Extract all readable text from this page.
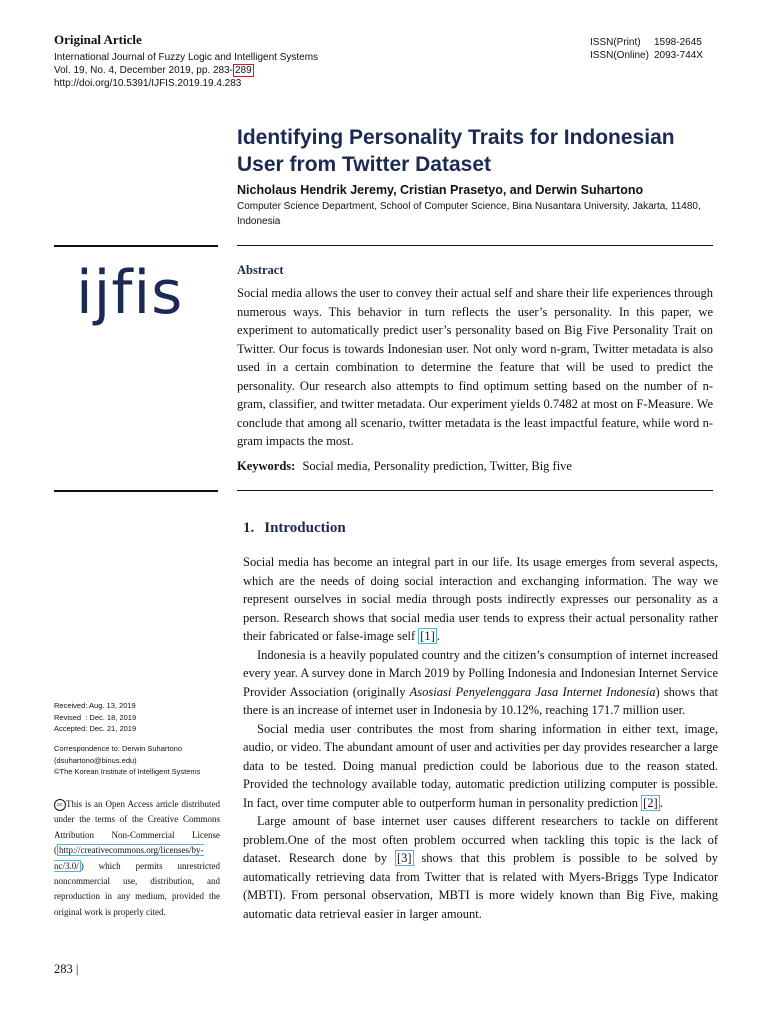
Original Article
International Journal of Fuzzy Logic and Intelligent Systems
Vol. 19, No. 4, December 2019, pp. 283- 289
http://doi.org/10.5391/IJFIS.2019.19.4.283
ISSN(Print) 1598-2645
ISSN(Online) 2093-744X
Identifying Personality Traits for Indonesian User from Twitter Dataset
Nicholaus Hendrik Jeremy, Cristian Prasetyo, and Derwin Suhartono
Computer Science Department, School of Computer Science, Bina Nusantara University, Jakarta, 11480, Indonesia
ijfis	Abstract
Social media allows the user to convey their actual self and share their life experiences through numerous ways. This behavior in turn reflects the user’s personality. In this paper, we experiment to automatically predict user’s personality based on Big Five Personality Trait on Twitter. Our focus is towards Indonesian user. Not only word n-gram, Twitter metadata is also used in a certain combination to determine the feature that will be used to predict the personality. Our research also attempts to find optimum setting based on the number of n-gram, classifier, and twitter metadata. Our experiment yields 0.7482 at most on F-Measure. We conclude that among all scenario, twitter metadata is the least impactful feature, while word n-gram impacts the most.
Keywords: Social media, Personality prediction, Twitter, Big five
1. Introduction

Social media has become an integral part in our life. Its usage emerges from several aspects, which are the needs of doing social interaction and exchanging information. The way we represent ourselves in social media through posts indirectly expresses our personality as a person. Research shows that social media user tends to express their actual personality rather their fabricated or false-image self [1] .

Indonesia is a heavily populated country and the citizen’s consumption of internet increased every year. A survey done in March 2019 by Polling Indonesia and Indonesian Internet Service Provider Association (originally Asosiasi Penyelenggara Jasa Internet Indonesia) shows that there is an increase of internet user in Indonesia by 10.12%, reaching 171.7 million user.

Social media user contributes the most from sharing information in either text, image, audio, or video. The abundant amount of user and activities per day provides researcher a large data to be tested. Doing manual prediction could be laborious due to the reason stated. Provided the technology available today, automatic prediction utilizing computer is possible. In fact, over time computer able to outperform human in personality prediction [2] .

Large amount of base internet user causes different researchers to tackle on different problem.One of the most often problem occurred when tackling this topic is the lack of dataset. Research done by [3] shows that this problem is possible to be solved by automatically retrieving data from Twitter that is related with Myers-Briggs Type Indicator (MBTI). From personal observation, MBTI is more widely known than Big Five, making automatic data retrieval easier in larger amount.

Received: Aug. 13, 2019
Revised  : Dec. 18, 2019
Accepted: Dec. 21, 2019
Correspondence to: Derwin Suhartono
(dsuhartono@binus.edu)
©The Korean Institute of Intelligent Systems
cc This is an Open Access article distributed under the terms of the Creative Commons Attribution Non-Commercial License ( http://creativecommons.org/licenses/by-nc/3.0/ ) which permits unrestricted noncommercial use, distribution, and reproduction in any medium, provided the original work is properly cited.
283 |
